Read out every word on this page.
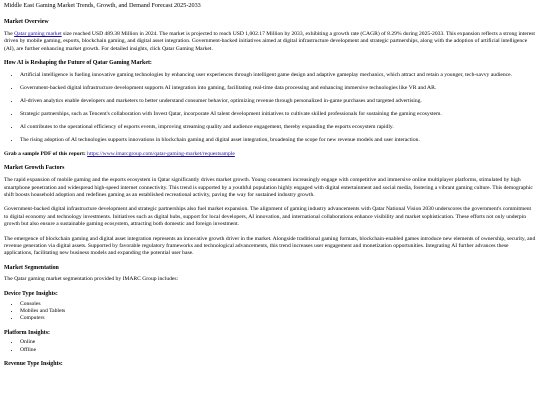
Middle East Gaming Market Trends, Growth, and Demand Forecast 2025-2033
Market Overview

The Qatar gaming market size reached USD 489.38 Million in 2024. The market is projected to reach USD 1,002.17 Million by 2033, exhibiting a growth rate (CAGR) of 8.29% during 2025-2033. This expansion reflects a strong interest driven by mobile gaming, esports, blockchain gaming, and digital asset integration. Government-backed initiatives aimed at digital infrastructure development and strategic partnerships, along with the adoption of artificial intelligence (AI), are further enhancing market growth. For detailed insights, click Qatar Gaming Market.

How AI is Reshaping the Future of Qatar Gaming Market:
• Artificial intelligence is fueling innovative gaming technologies by enhancing user experiences through intelligent game design and adaptive gameplay mechanics, which attract and retain a younger, tech-savvy audience.
• Government-backed digital infrastructure development supports AI integration into gaming, facilitating real-time data processing and enhancing immersive technologies like VR and AR.
• AI-driven analytics enable developers and marketers to better understand consumer behavior, optimizing revenue through personalized in-game purchases and targeted advertising.
• Strategic partnerships, such as Tencent's collaboration with Invest Qatar, incorporate AI talent development initiatives to cultivate skilled professionals for sustaining the gaming ecosystem.
• AI contributes to the operational efficiency of esports events, improving streaming quality and audience engagement, thereby expanding the esports ecosystem rapidly.
• The rising adoption of AI technologies supports innovations in blockchain gaming and digital asset integration, broadening the scope for new revenue models and user interaction.

Grab a sample PDF of this report: https://www.imarcgroup.com/qatar-gaming-market/requestsample

Market Growth Factors

The rapid expansion of mobile gaming and the esports ecosystem in Qatar significantly drives market growth. Young consumers increasingly engage with competitive and immersive online multiplayer platforms, stimulated by high smartphone penetration and widespread high-speed internet connectivity. This trend is supported by a youthful population highly engaged with digital entertainment and social media, fostering a vibrant gaming culture. This demographic shift boosts household adoption and redefines gaming as an established recreational activity, paving the way for sustained industry growth.

Government-backed digital infrastructure development and strategic partnerships also fuel market expansion. The alignment of gaming industry advancements with Qatar National Vision 2030 underscores the government's commitment to digital economy and technology investments. Initiatives such as digital hubs, support for local developers, AI innovation, and international collaborations enhance visibility and market sophistication. These efforts not only underpin growth but also ensure a sustainable gaming ecosystem, attracting both domestic and foreign investment.

The emergence of blockchain gaming and digital asset integration represents an innovative growth driver in the market. Alongside traditional gaming formats, blockchain-enabled games introduce new elements of ownership, security, and revenue generation via digital assets. Supported by favorable regulatory frameworks and technological advancements, this trend increases user engagement and monetization opportunities. Integrating AI further advances these applications, facilitating new business models and expanding the potential user base.

Market Segmentation

The Qatar gaming market segmentation provided by IMARC Group includes:

Device Type Insights:
• Consoles
• Mobiles and Tablets
• Computers
Platform Insights:
• Online
• Offline
Revenue Type Insights:
